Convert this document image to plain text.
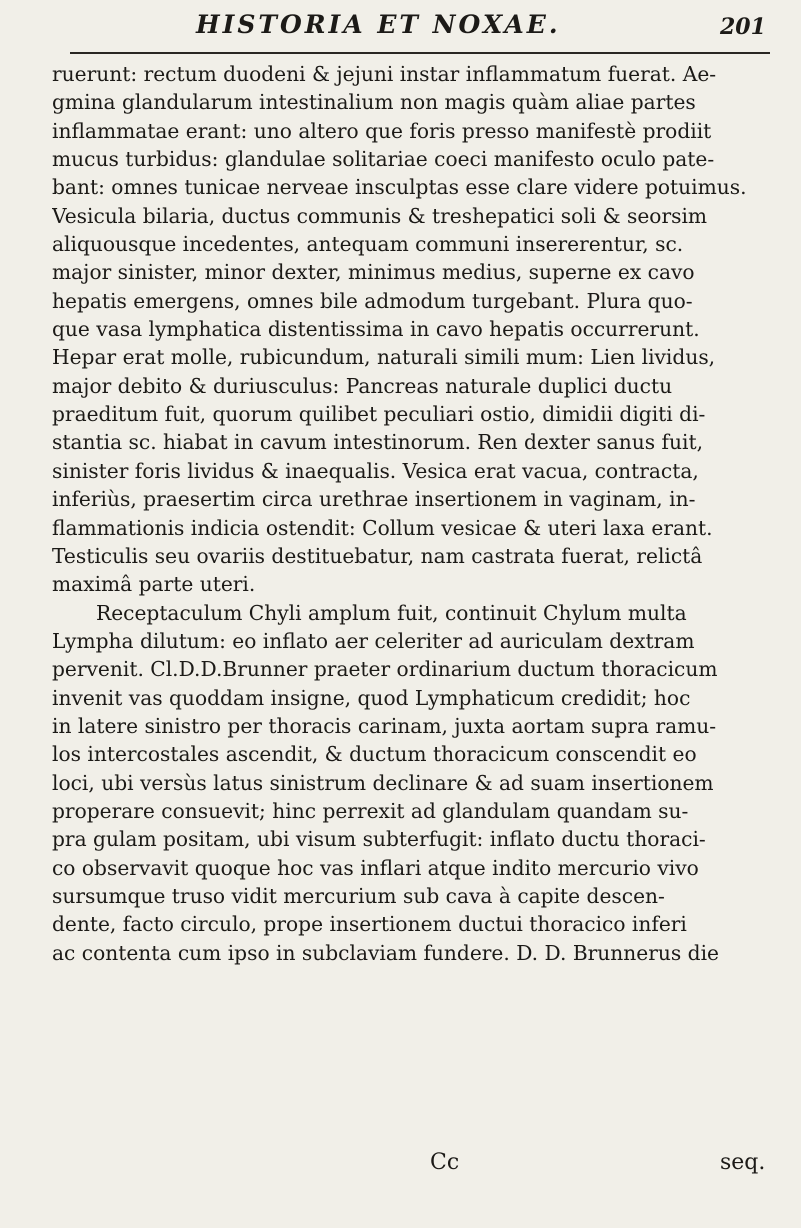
HISTORIA ET NOXAE.	201
ruerunt: rectum duodeni & jejuni instar inflammatum fuerat. Ae-
gmina glandularum intestinalium non magis quàm aliae partes
inflammatae erant: uno altero que foris presso manifestè prodiit
mucus turbidus: glandulae solitariae coeci manifesto oculo pate-
bant: omnes tunicae nerveae insculptas esse clare videre potuimus.
Vesicula bilaria, ductus communis & treshepatici soli & seorsim
aliquousque incedentes, antequam communi insererentur, sc.
major sinister, minor dexter, minimus medius, superne ex cavo
hepatis emergens, omnes bile admodum turgebant. Plura quo-
que vasa lymphatica distentissima in cavo hepatis occurrerunt.
Hepar erat molle, rubicundum, naturali simili mum: Lien lividus,
major debito & duriusculus: Pancreas naturale duplici ductu
praeditum fuit, quorum quilibet peculiari ostio, dimidii digiti di-
stantia sc. hiabat in cavum intestinorum. Ren dexter sanus fuit,
sinister foris lividus & inaequalis. Vesica erat vacua, contracta,
inferiùs, praesertim circa urethrae insertionem in vaginam, in-
flammationis indicia ostendit: Collum vesicae & uteri laxa erant.
Testiculis seu ovariis destituebatur, nam castrata fuerat, relictâ
maximâ parte uteri.
Receptaculum Chyli amplum fuit, continuit Chylum multa
Lympha dilutum: eo inflato aer celeriter ad auriculam dextram
pervenit. Cl.D.D.Brunner praeter ordinarium ductum thoracicum
invenit vas quoddam insigne, quod Lymphaticum credidit; hoc
in latere sinistro per thoracis carinam, juxta aortam supra ramu-
los intercostales ascendit, & ductum thoracicum conscendit eo
loci, ubi versùs latus sinistrum declinare & ad suam insertionem
properare consuevit; hinc perrexit ad glandulam quandam su-
pra gulam positam, ubi visum subterfugit: inflato ductu thoraci-
co observavit quoque hoc vas inflari atque indito mercurio vivo
sursumque truso vidit mercurium sub cava à capite descen-
dente, facto circulo, prope insertionem ductui thoracico inferi
ac contenta cum ipso in subclaviam fundere. D. D. Brunnerus die
Cc	seq.
